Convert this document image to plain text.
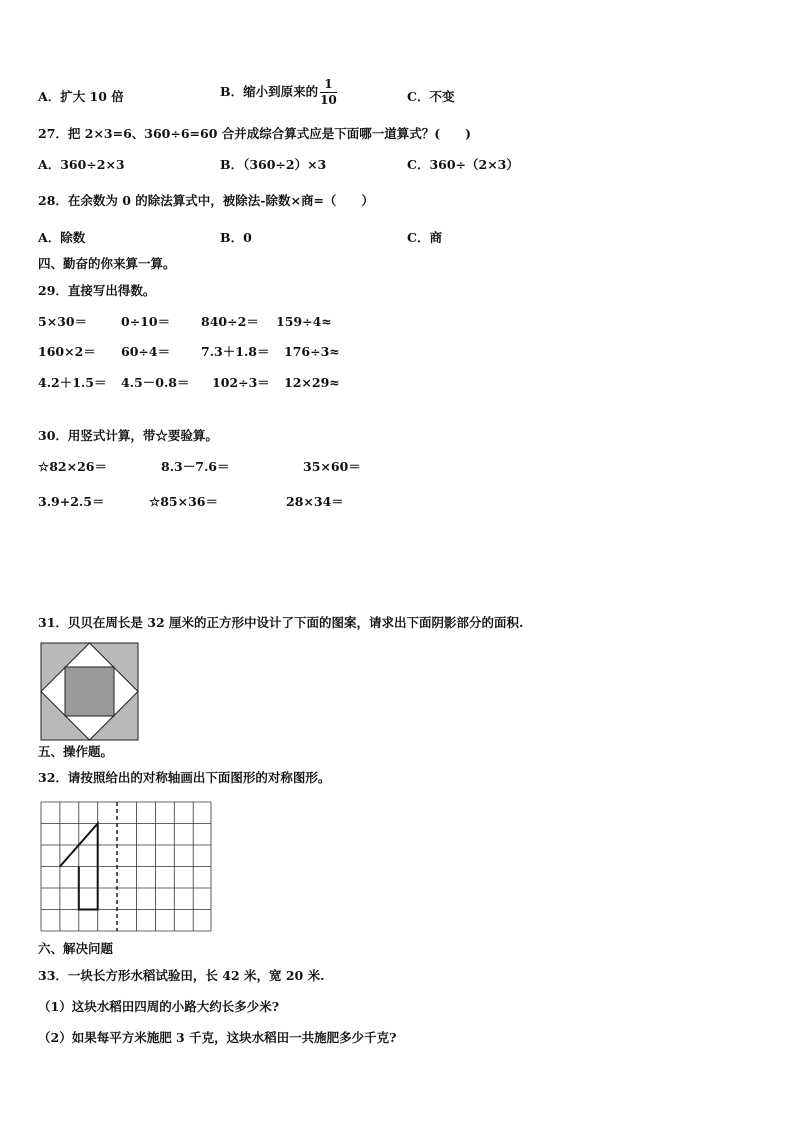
A．扩大 10 倍	B．缩小到原来的 $\frac{1}{10}$	C．不变
27．把 2×3=6、360÷6=60 合并成综合算式应是下面哪一道算式？(　　)
A．360÷2×3	B．（360÷2）×3	C．360÷（2×3）
28．在余数为 0 的除法算式中，被除法-除数×商=（　　）
A．除数	B．0	C．商
四、勤奋的你来算一算。
29．直接写出得数。
5×30＝	0÷10＝ 840÷2＝ 159÷4≈
160×2＝ 60÷4＝ 7.3＋1.8＝ 176÷3≈
4.2＋1.5＝ 4.5－0.8＝ 102÷3＝ 12×29≈
30．用竖式计算，带☆要验算。
☆82×26＝	8.3－7.6＝	35×60＝
3.9+2.5＝	☆85×36＝	28×34＝
31．贝贝在周长是 32 厘米的正方形中设计了下面的图案，请求出下面阴影部分的面积.
五、操作题。
32．请按照给出的对称轴画出下面图形的对称图形。
六、解决问题
33．一块长方形水稻试验田，长 42 米，宽 20 米.
（1）这块水稻田四周的小路大约长多少米?
（2）如果每平方米施肥 3 千克，这块水稻田一共施肥多少千克?
